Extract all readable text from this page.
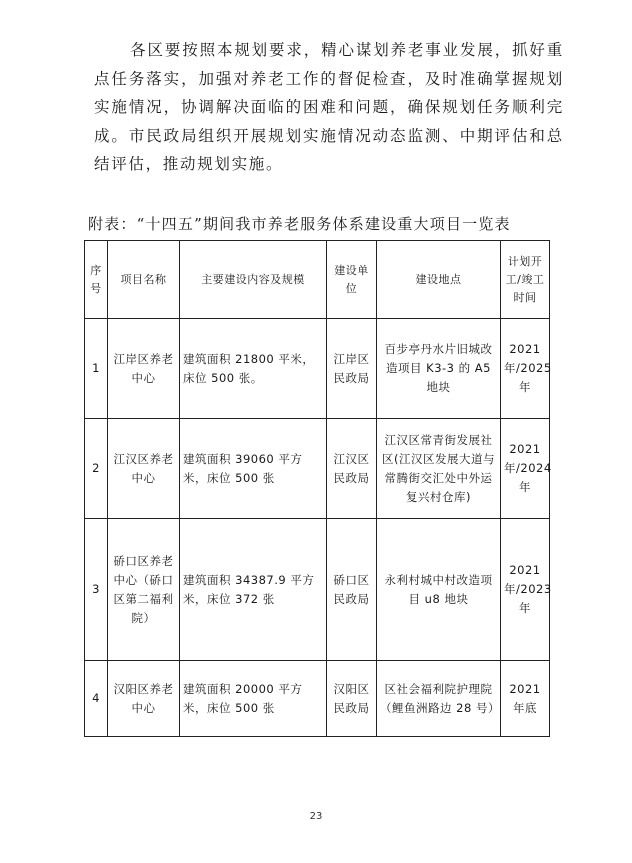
各区要按照本规划要求，精心谋划养老事业发展，抓好重点任务落实，加强对养老工作的督促检查，及时准确掌握规划实施情况，协调解决面临的困难和问题，确保规划任务顺利完成。市民政局组织开展规划实施情况动态监测、中期评估和总结评估，推动规划实施。

附表：“十四五”期间我市养老服务体系建设重大项目一览表

序号	项目名称	主要建设内容及规模	建设单位	建设地点	计划开工/竣工时间
1	江岸区养老中心	建筑面积 21800 平米，床位 500 张。	江岸区民政局	百步亭丹水片旧城改造项目 K3-3 的 A5 地块	2021年/2025年
2	江汉区养老中心	建筑面积 39060 平方米，床位 500 张	江汉区民政局	江汉区常青街发展社区(江汉区发展大道与常腾街交汇处中外运复兴村仓库)	2021年/2024年
3	硚口区养老中心（硚口区第二福利院）	建筑面积 34387.9 平方米，床位 372 张	硚口区民政局	永利村城中村改造项目 u8 地块	2021年/2023年
4	汉阳区养老中心	建筑面积 20000 平方米，床位 500 张	汉阳区民政局	区社会福利院护理院（鲤鱼洲路边 28 号）	2021年底
23
